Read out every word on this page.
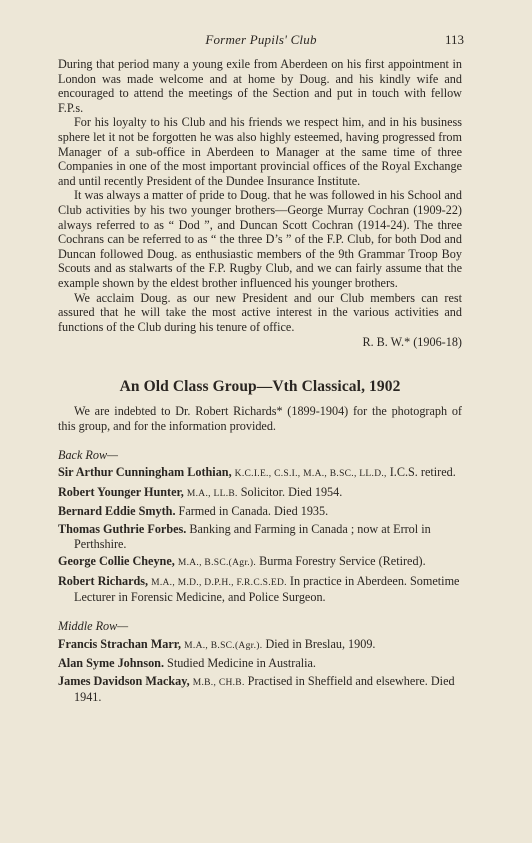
Former Pupils' Club	113

During that period many a young exile from Aberdeen on his first appointment in London was made welcome and at home by Doug. and his kindly wife and encouraged to attend the meetings of the Section and put in touch with fellow F.P.s.

For his loyalty to his Club and his friends we respect him, and in his business sphere let it not be forgotten he was also highly esteemed, having progressed from Manager of a sub-office in Aberdeen to Manager at the same time of three Companies in one of the most important provincial offices of the Royal Exchange and until recently President of the Dundee Insurance Institute.

It was always a matter of pride to Doug. that he was followed in his School and Club activities by his two younger brothers—George Murray Cochran (1909-22) always referred to as “ Dod ”, and Duncan Scott Cochran (1914-24). The three Cochrans can be referred to as “ the three D’s ” of the F.P. Club, for both Dod and Duncan followed Doug. as enthusiastic members of the 9th Grammar Troop Boy Scouts and as stalwarts of the F.P. Rugby Club, and we can fairly assume that the example shown by the eldest brother influenced his younger brothers.

We acclaim Doug. as our new President and our Club members can rest assured that he will take the most active interest in the various activities and functions of the Club during his tenure of office.

R. B. W.* (1906-18)

An Old Class Group—Vth Classical, 1902

We are indebted to Dr. Robert Richards* (1899-1904) for the photograph of this group, and for the information provided.

Back Row—

Sir Arthur Cunningham Lothian, K.C.I.E., C.S.I., M.A., B.SC., LL.D., I.C.S. retired.

Robert Younger Hunter, M.A., LL.B. Solicitor. Died 1954.

Bernard Eddie Smyth. Farmed in Canada. Died 1935.

Thomas Guthrie Forbes. Banking and Farming in Canada ; now at Errol in Perthshire.

George Collie Cheyne, M.A., B.SC.(Agr.). Burma Forestry Service (Retired).

Robert Richards, M.A., M.D., D.P.H., F.R.C.S.ED. In practice in Aberdeen. Sometime Lecturer in Forensic Medicine, and Police Surgeon.

Middle Row—

Francis Strachan Marr, M.A., B.SC.(Agr.). Died in Breslau, 1909.

Alan Syme Johnson. Studied Medicine in Australia.

James Davidson Mackay, M.B., CH.B. Practised in Sheffield and elsewhere. Died 1941.
